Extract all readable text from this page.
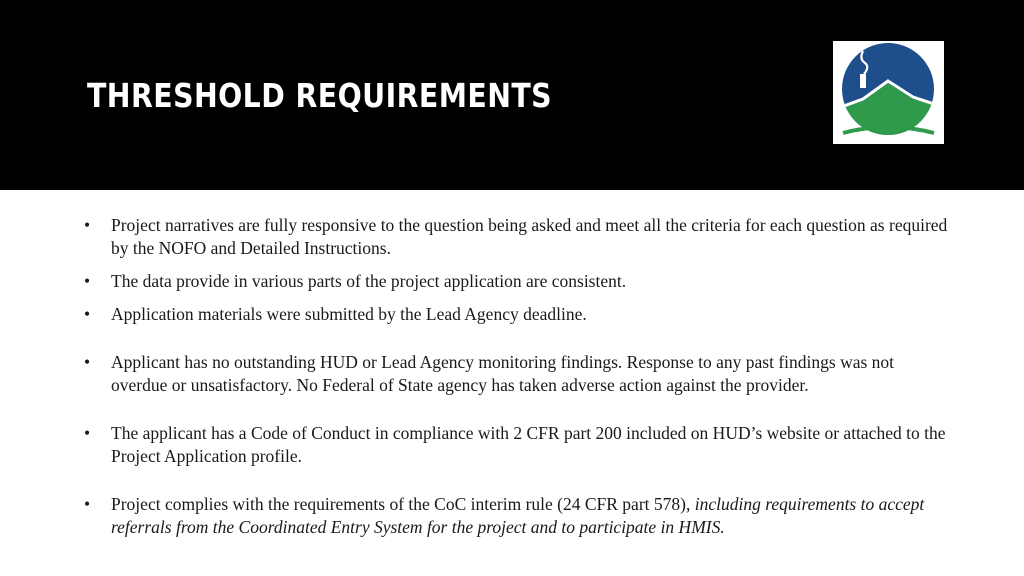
THRESHOLD REQUIREMENTS
• Project narratives are fully responsive to the question being asked and meet all the criteria for each question as required by the NOFO and Detailed Instructions.
• The data provide in various parts of the project application are consistent.
• Application materials were submitted by the Lead Agency deadline.
• Applicant has no outstanding HUD or Lead Agency monitoring findings. Response to any past findings was not overdue or unsatisfactory. No Federal of State agency has taken adverse action against the provider.
• The applicant has a Code of Conduct in compliance with 2 CFR part 200 included on HUD’s website or attached to the Project Application profile.
• Project complies with the requirements of the CoC interim rule (24 CFR part 578), including requirements to accept referrals from the Coordinated Entry System for the project and to participate in HMIS.
